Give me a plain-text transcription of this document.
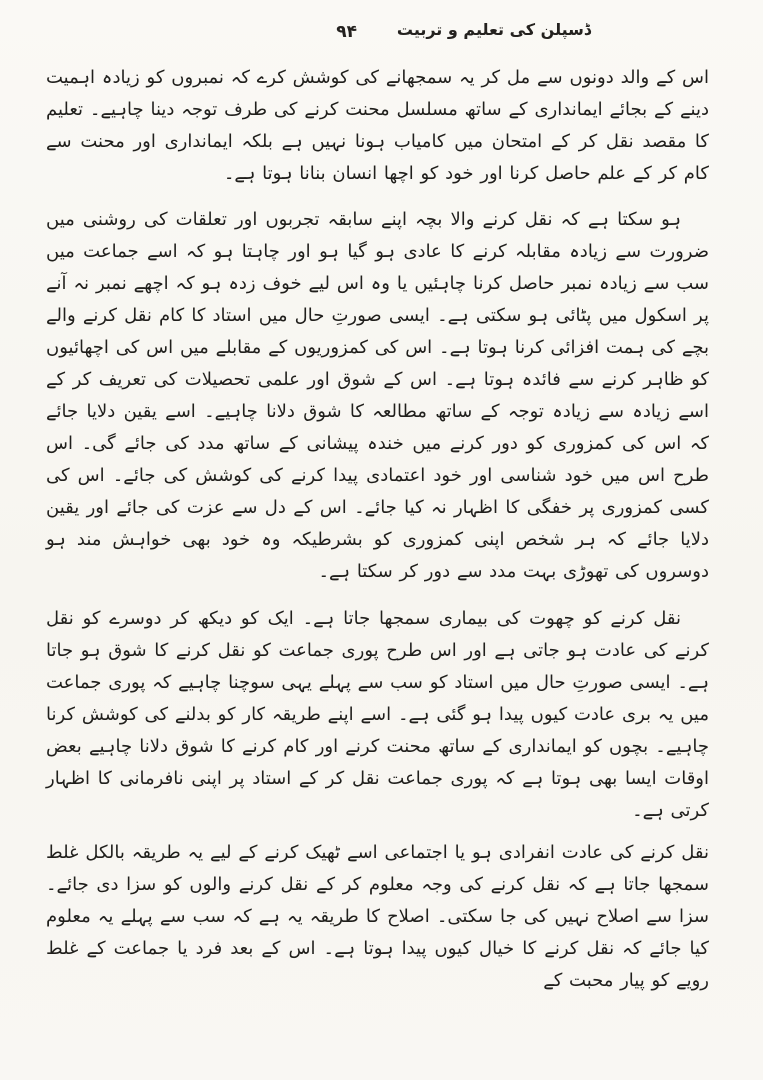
ڈسپلن کی تعلیم و تربیت
۹۴

اس کے والد دونوں سے مل کر یہ سمجھانے کی کوشش کرے کہ نمبروں کو زیادہ اہمیت دینے کے بجائے ایمانداری کے ساتھ مسلسل محنت کرنے کی طرف توجہ دینا چاہیے۔ تعلیم کا مقصد نقل کر کے امتحان میں کامیاب ہونا نہیں ہے بلکہ ایمانداری اور محنت سے کام کر کے علم حاصل کرنا اور خود کو اچھا انسان بنانا ہوتا ہے۔

ہو سکتا ہے کہ نقل کرنے والا بچہ اپنے سابقہ تجربوں اور تعلقات کی روشنی میں ضرورت سے زیادہ مقابلہ کرنے کا عادی ہو گیا ہو اور چاہتا ہو کہ اسے جماعت میں سب سے زیادہ نمبر حاصل کرنا چاہئیں یا وہ اس لیے خوف زدہ ہو کہ اچھے نمبر نہ آنے پر اسکول میں پٹائی ہو سکتی ہے۔ ایسی صورتِ حال میں استاد کا کام نقل کرنے والے بچے کی ہمت افزائی کرنا ہوتا ہے۔ اس کی کمزوریوں کے مقابلے میں اس کی اچھائیوں کو ظاہر کرنے سے فائدہ ہوتا ہے۔ اس کے شوق اور علمی تحصیلات کی تعریف کر کے اسے زیادہ سے زیادہ توجہ کے ساتھ مطالعہ کا شوق دلانا چاہیے۔ اسے یقین دلایا جائے کہ اس کی کمزوری کو دور کرنے میں خندہ پیشانی کے ساتھ مدد کی جائے گی۔ اس طرح اس میں خود شناسی اور خود اعتمادی پیدا کرنے کی کوشش کی جائے۔ اس کی کسی کمزوری پر خفگی کا اظہار نہ کیا جائے۔ اس کے دل سے عزت کی جائے اور یقین دلایا جائے کہ ہر شخص اپنی کمزوری کو بشرطیکہ وہ خود بھی خواہش مند ہو دوسروں کی تھوڑی بہت مدد سے دور کر سکتا ہے۔

نقل کرنے کو چھوت کی بیماری سمجھا جاتا ہے۔ ایک کو دیکھ کر دوسرے کو نقل کرنے کی عادت ہو جاتی ہے اور اس طرح پوری جماعت کو نقل کرنے کا شوق ہو جاتا ہے۔ ایسی صورتِ حال میں استاد کو سب سے پہلے یہی سوچنا چاہیے کہ پوری جماعت میں یہ بری عادت کیوں پیدا ہو گئی ہے۔ اسے اپنے طریقہ کار کو بدلنے کی کوشش کرنا چاہیے۔ بچوں کو ایمانداری کے ساتھ محنت کرنے اور کام کرنے کا شوق دلانا چاہیے بعض اوقات ایسا بھی ہوتا ہے کہ پوری جماعت نقل کر کے استاد پر اپنی نافرمانی کا اظہار کرتی ہے۔

نقل کرنے کی عادت انفرادی ہو یا اجتماعی اسے ٹھیک کرنے کے لیے یہ طریقہ بالکل غلط سمجھا جاتا ہے کہ نقل کرنے کی وجہ معلوم کر کے نقل کرنے والوں کو سزا دی جائے۔ سزا سے اصلاح نہیں کی جا سکتی۔ اصلاح کا طریقہ یہ ہے کہ سب سے پہلے یہ معلوم کیا جائے کہ نقل کرنے کا خیال کیوں پیدا ہوتا ہے۔ اس کے بعد فرد یا جماعت کے غلط رویے کو پیار محبت کے
